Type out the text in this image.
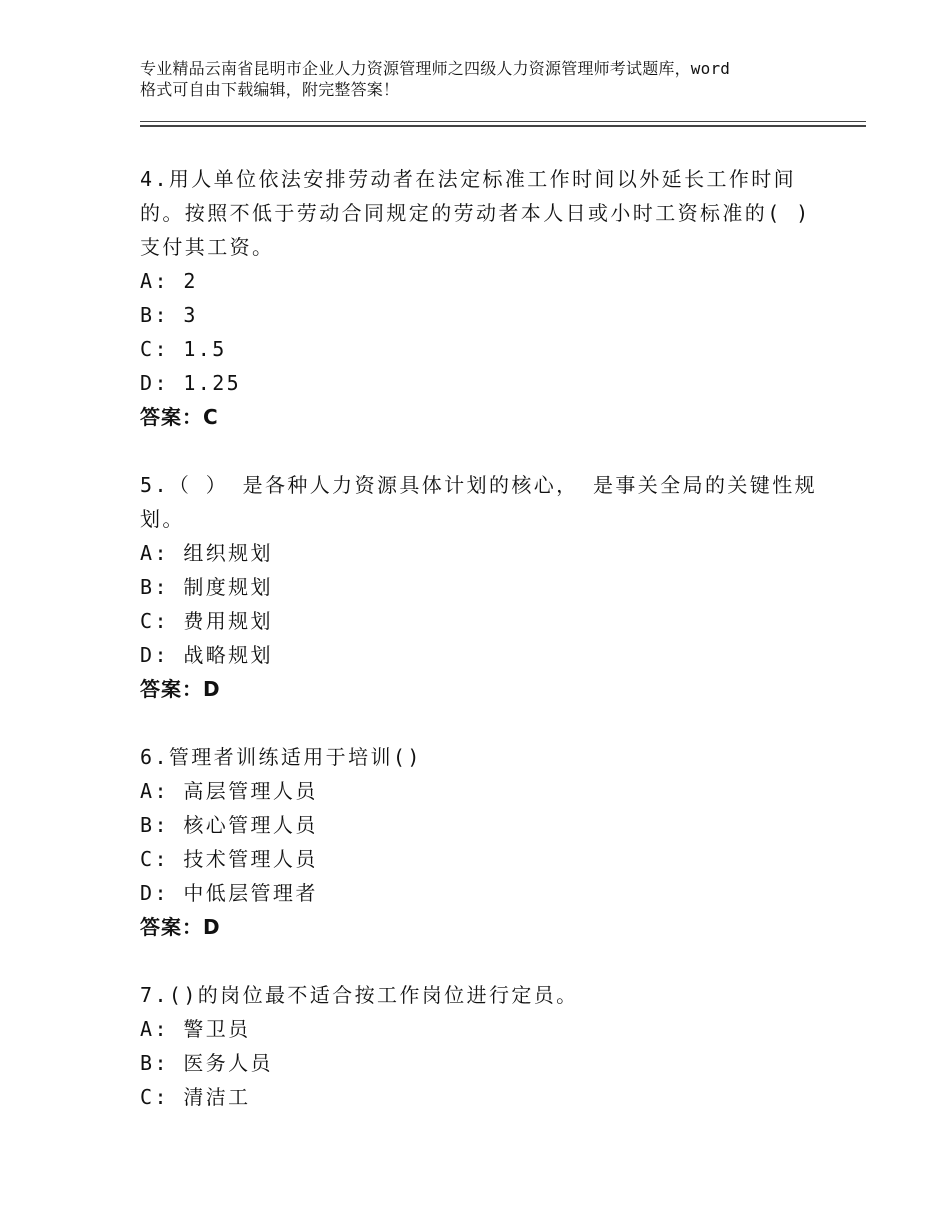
专业精品云南省昆明市企业人力资源管理师之四级人力资源管理师考试题库，word
格式可自由下载编辑，附完整答案！
4.用人单位依法安排劳动者在法定标准工作时间以外延长工作时间的。按照不低于劳动合同规定的劳动者本人日或小时工资标准的( )支付其工资。
A: 2
B: 3
C: 1.5
D: 1.25
答案：C
5.（ ） 是各种人力资源具体计划的核心， 是事关全局的关键性规划。
A: 组织规划
B: 制度规划
C: 费用规划
D: 战略规划
答案：D
6.管理者训练适用于培训()
A: 高层管理人员
B: 核心管理人员
C: 技术管理人员
D: 中低层管理者
答案：D
7.()的岗位最不适合按工作岗位进行定员。
A: 警卫员
B: 医务人员
C: 清洁工
